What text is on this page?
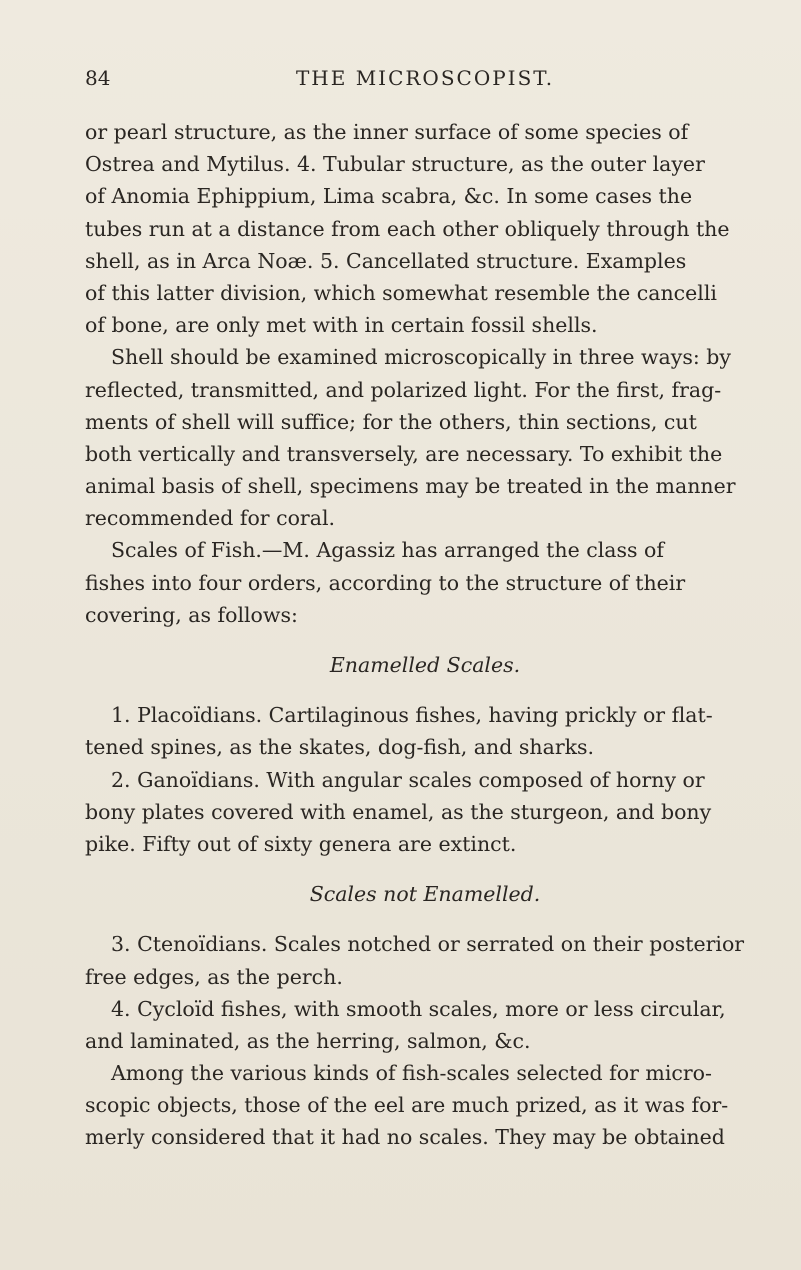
84	THE MICROSCOPIST.
or pearl structure, as the inner surface of some species of
Ostrea and Mytilus. 4. Tubular structure, as the outer layer
of Anomia Ephippium, Lima scabra, &c. In some cases the
tubes run at a distance from each other obliquely through the
shell, as in Arca Noæ. 5. Cancellated structure. Examples
of this latter division, which somewhat resemble the cancelli
of bone, are only met with in certain fossil shells.
Shell should be examined microscopically in three ways: by
reflected, transmitted, and polarized light. For the first, frag-
ments of shell will suffice; for the others, thin sections, cut
both vertically and transversely, are necessary. To exhibit the
animal basis of shell, specimens may be treated in the manner
recommended for coral.
Scales of Fish.—M. Agassiz has arranged the class of
fishes into four orders, according to the structure of their
covering, as follows:
Enamelled Scales.
1. Placoïdians. Cartilaginous fishes, having prickly or flat-
tened spines, as the skates, dog-fish, and sharks.
2. Ganoïdians. With angular scales composed of horny or
bony plates covered with enamel, as the sturgeon, and bony
pike. Fifty out of sixty genera are extinct.
Scales not Enamelled.
3. Ctenoïdians. Scales notched or serrated on their posterior
free edges, as the perch.
4. Cycloïd fishes, with smooth scales, more or less circular,
and laminated, as the herring, salmon, &c.
Among the various kinds of fish-scales selected for micro-
scopic objects, those of the eel are much prized, as it was for-
merly considered that it had no scales. They may be obtained
